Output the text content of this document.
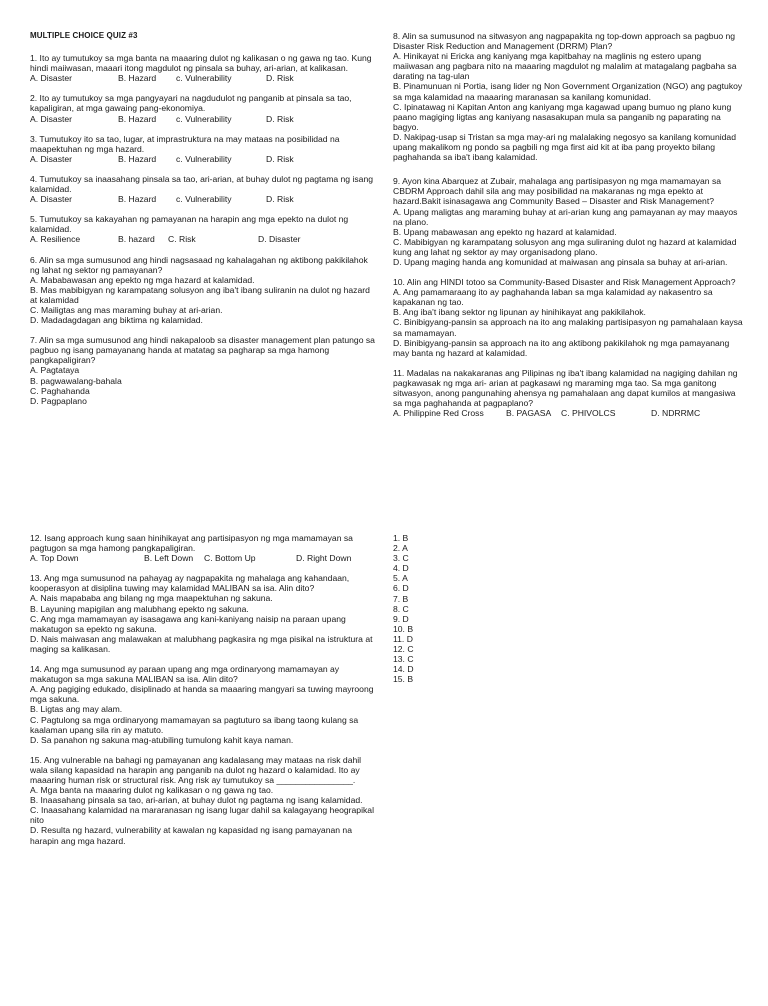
MULTIPLE CHOICE QUIZ #3
1. Ito ay tumutukoy sa mga banta na maaaring dulot ng kalikasan o ng gawa ng tao. Kung hindi maiiwasan, maaari itong magdulot ng pinsala sa buhay, ari-arian, at kalikasan.
A. Disaster	B. Hazard	c. Vulnerability	D. Risk
2. Ito ay tumutukoy sa mga pangyayari na nagdudulot ng panganib at pinsala sa tao, kapaligiran, at mga gawaing pang-ekonomiya.
A. Disaster	B. Hazard	c. Vulnerability	D. Risk
3. Tumutukoy ito sa tao, lugar, at imprastruktura na may mataas na posibilidad na maapektuhan ng mga hazard.
A. Disaster	B. Hazard	c. Vulnerability	D. Risk
4. Tumutukoy sa inaasahang pinsala sa tao, ari-arian, at buhay dulot ng pagtama ng isang kalamidad.
A. Disaster	B. Hazard	c. Vulnerability	D. Risk
5. Tumutukoy sa kakayahan ng pamayanan na harapin ang mga epekto na dulot ng kalamidad.
A. Resilience	B. hazard	C. Risk	D. Disaster
6. Alin sa mga sumusunod ang hindi nagsasaad ng kahalagahan ng aktibong pakikilahok ng lahat ng sektor ng pamayanan?
A. Mababawasan ang epekto ng mga hazard at kalamidad.
B. Mas mabibigyan ng karampatang solusyon ang iba't ibang suliranin na dulot ng hazard at kalamidad
C. Mailigtas ang mas maraming buhay at ari-arian.
D. Madadagdagan ang biktima ng kalamidad.
7. Alin sa mga sumusunod ang hindi nakapaloob sa disaster management plan patungo sa pagbuo ng isang pamayanang handa at matatag sa pagharap sa mga hamong pangkapaligiran?
A. Pagtataya
B. pagwawalang-bahala
C. Paghahanda
D. Pagpaplano
8. Alin sa sumusunod na sitwasyon ang nagpapakita ng top-down approach sa pagbuo ng Disaster Risk Reduction and Management (DRRM) Plan?
A. Hinikayat ni Ericka ang kaniyang mga kapitbahay na maglinis ng estero upang maiiwasan ang pagbara nito na maaaring magdulot ng malalim at matagalang pagbaha sa darating na tag-ulan
B. Pinamunuan ni Portia, isang lider ng Non Government Organization (NGO) ang pagtukoy sa mga kalamidad na maaaring maranasan sa kanilang komunidad.
C. Ipinatawag ni Kapitan Anton ang kaniyang mga kagawad upang bumuo ng plano kung paano magiging ligtas ang kaniyang nasasakupan mula sa panganib ng paparating na bagyo.
D. Nakipag-usap si Tristan sa mga may-ari ng malalaking negosyo sa kanilang komunidad upang makalikom ng pondo sa pagbili ng mga first aid kit at iba pang proyekto bilang paghahanda sa iba't ibang kalamidad.
9. Ayon kina Abarquez at Zubair, mahalaga ang partisipasyon ng mga mamamayan sa CBDRM Approach dahil sila ang may posibilidad na makaranas ng mga epekto at hazard.Bakit isinasagawa ang Community Based – Disaster and Risk Management?
A. Upang maligtas ang maraming buhay at ari-arian kung ang pamayanan ay may maayos na plano.
B. Upang mabawasan ang epekto ng hazard at kalamidad.
C. Mabibigyan ng karampatang solusyon ang mga suliraning dulot ng hazard at kalamidad kung ang lahat ng sektor ay may organisadong plano.
D. Upang maging handa ang komunidad at maiwasan ang pinsala sa buhay at ari-arian.
10. Alin ang HINDI totoo sa Community-Based Disaster and Risk Management Approach?
A. Ang pamamaraang ito ay paghahanda laban sa mga kalamidad ay nakasentro sa kapakanan ng tao.
B. Ang iba't ibang sektor ng lipunan ay hinihikayat ang pakikilahok.
C. Binibigyang-pansin sa approach na ito ang malaking partisipasyon ng pamahalaan kaysa sa mamamayan.
D. Binibigyang-pansin sa approach na ito ang aktibong pakikilahok ng mga pamayanang may banta ng hazard at kalamidad.
11. Madalas na nakakaranas ang Pilipinas ng iba't ibang kalamidad na nagiging dahilan ng pagkawasak ng mga ari- arian at pagkasawi ng maraming mga tao. Sa mga ganitong sitwasyon, anong pangunahing ahensya ng pamahalaan ang dapat kumilos at mangasiwa sa mga paghahanda at pagpaplano?
A. Philippine Red Cross	B. PAGASA	C. PHIVOLCS	D. NDRRMC
12. Isang approach kung saan hinihikayat ang partisipasyon ng mga mamamayan sa pagtugon sa mga hamong pangkapaligiran.
A. Top Down	B. Left Down	C. Bottom Up	D. Right Down
13. Ang mga sumusunod na pahayag ay nagpapakita ng mahalaga ang kahandaan, kooperasyon at disiplina tuwing may kalamidad MALIBAN sa isa. Alin dito?
A. Nais mapababa ang bilang ng mga maapektuhan ng sakuna.
B. Layuning mapigilan ang malubhang epekto ng sakuna.
C. Ang mga mamamayan ay isasagawa ang kani-kaniyang naisip na paraan upang makatugon sa epekto ng sakuna.
D. Nais maiwasan ang malawakan at malubhang pagkasira ng mga pisikal na istruktura at maging sa kalikasan.
14. Ang mga sumusunod ay paraan upang ang mga ordinaryong mamamayan ay makatugon sa mga sakuna MALIBAN sa isa. Alin dito?
A. Ang pagiging edukado, disiplinado at handa sa maaaring mangyari sa tuwing mayroong mga sakuna.
B. Ligtas ang may alam.
C. Pagtulong sa mga ordinaryong mamamayan sa pagtuturo sa ibang taong kulang sa kaalaman upang sila rin ay matuto.
D. Sa panahon ng sakuna mag-atubiling tumulong kahit kaya naman.
15. Ang vulnerable na bahagi ng pamayanan ang kadalasang may mataas na risk dahil wala silang kapasidad na harapin ang panganib na dulot ng hazard o kalamidad. Ito ay maaaring human risk or structural risk. Ang risk ay tumutukoy sa ________________.
A. Mga banta na maaaring dulot ng kalikasan o ng gawa ng tao.
B. Inaasahang pinsala sa tao, ari-arian, at buhay dulot ng pagtama ng isang kalamidad.
C. Inaasahang kalamidad na mararanasan ng isang lugar dahil sa kalagayang heograpikal nito
D. Resulta ng hazard, vulnerability at kawalan ng kapasidad ng isang pamayanan na harapin ang mga hazard.
1. B
2. A
3. C
4. D
5. A
6. D
7. B
8. C
9. D
10. B
11. D
12. C
13. C
14. D
15. B
